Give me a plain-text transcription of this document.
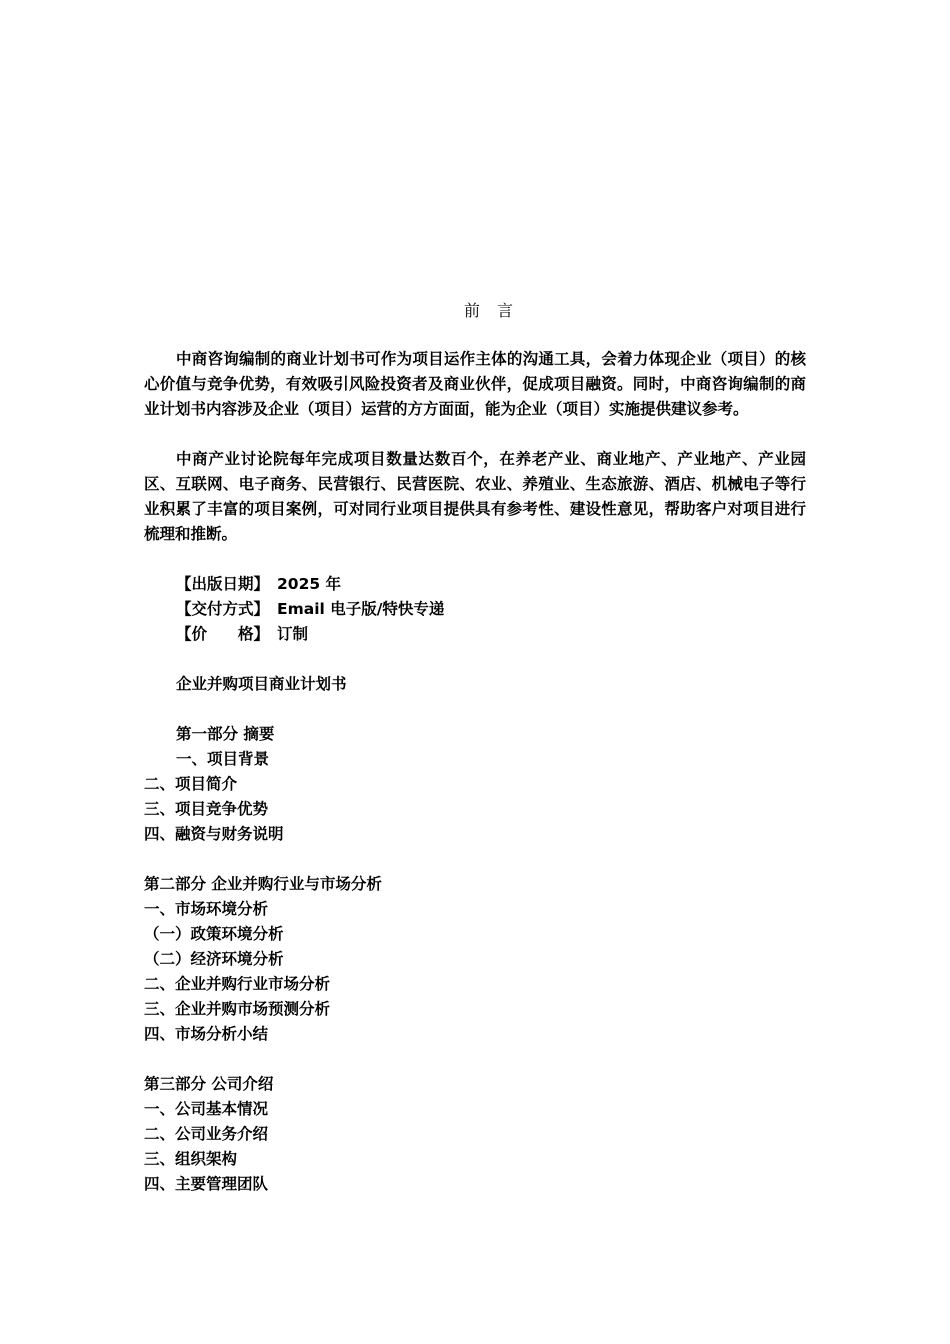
前 言

中商咨询编制的商业计划书可作为项目运作主体的沟通工具，会着力体现企业（项目）的核心价值与竞争优势，有效吸引风险投资者及商业伙伴，促成项目融资。同时，中商咨询编制的商业计划书内容涉及企业（项目）运营的方方面面，能为企业（项目）实施提供建议参考。

中商产业讨论院每年完成项目数量达数百个，在养老产业、商业地产、产业地产、产业园区、互联网、电子商务、民营银行、民营医院、农业、养殖业、生态旅游、酒店、机械电子等行业积累了丰富的项目案例，可对同行业项目提供具有参考性、建设性意见，帮助客户对项目进行梳理和推断。

【出版日期】 2025 年
【交付方式】 Email 电子版/特快专递
【价　　格】 订制
企业并购项目商业计划书
第一部分 摘要
一、项目背景
二、项目简介
三、项目竞争优势
四、融资与财务说明
第二部分 企业并购行业与市场分析
一、市场环境分析
（一）政策环境分析
（二）经济环境分析
二、企业并购行业市场分析
三、企业并购市场预测分析
四、市场分析小结
第三部分 公司介绍
一、公司基本情况
二、公司业务介绍
三、组织架构
四、主要管理团队
